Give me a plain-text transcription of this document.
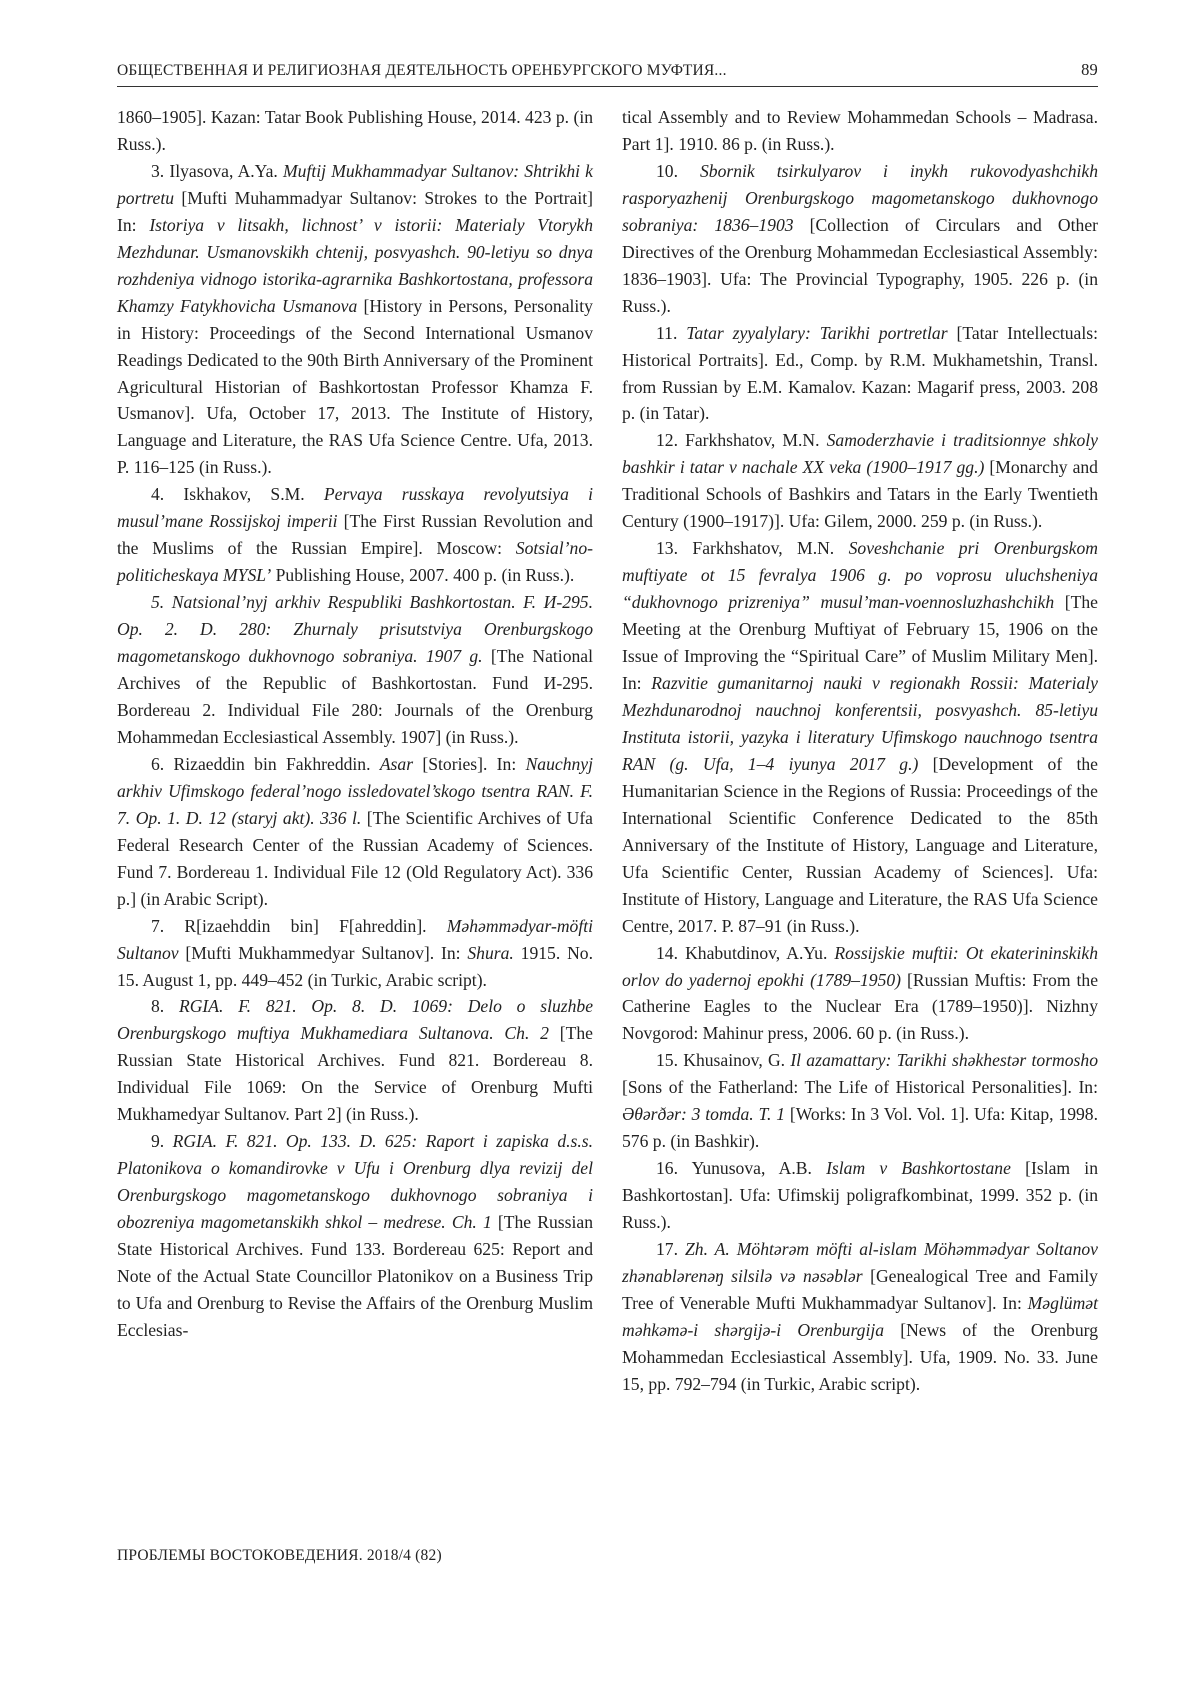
ОБЩЕСТВЕННАЯ И РЕЛИГИОЗНАЯ ДЕЯТЕЛЬНОСТЬ ОРЕНБУРГСКОГО МУФТИЯ...	89

1860–1905]. Kazan: Tatar Book Publishing House, 2014. 423 p. (in Russ.).

3. Ilyasova, A.Ya. Muftij Mukhammadyar Sultanov: Shtrikhi k portretu [Mufti Muhammadyar Sultanov: Strokes to the Portrait] In: Istoriya v litsakh, lichnost’ v istorii: Materialy Vtorykh Mezhdunar. Usmanovskikh chtenij, posvyashch. 90-letiyu so dnya rozhdeniya vidnogo istorika-agrarnika Bashkortostana, professora Khamzy Fatykhovicha Usmanova [History in Persons, Personality in History: Proceedings of the Second International Usmanov Readings Dedicated to the 90th Birth Anniversary of the Prominent Agricultural Historian of Bashkortostan Professor Khamza F. Usmanov]. Ufa, October 17, 2013. The Institute of History, Language and Literature, the RAS Ufa Science Centre. Ufa, 2013. P. 116–125 (in Russ.).

4. Iskhakov, S.M. Pervaya russkaya revolyutsiya i musul’mane Rossijskoj imperii [The First Russian Revolution and the Muslims of the Russian Empire]. Moscow: Sotsial’no-politicheskaya MYSL’ Publishing House, 2007. 400 p. (in Russ.).

5. Natsional’nyj arkhiv Respubliki Bashkortostan. F. И-295. Op. 2. D. 280: Zhurnaly prisutstviya Orenburgskogo magometanskogo dukhovnogo sobraniya. 1907 g. [The National Archives of the Republic of Bashkortostan. Fund И-295. Bordereau 2. Individual File 280: Journals of the Orenburg Mohammedan Ecclesiastical Assembly. 1907] (in Russ.).

6. Rizaeddin bin Fakhreddin. Asar [Stories]. In: Nauchnyj arkhiv Ufimskogo federal’nogo issledovatel’skogo tsentra RAN. F. 7. Op. 1. D. 12 (staryj akt). 336 l. [The Scientific Archives of Ufa Federal Research Center of the Russian Academy of Sciences. Fund 7. Bordereau 1. Individual File 12 (Old Regulatory Act). 336 p.] (in Arabic Script).

7. R[izaehddin bin] F[ahreddin]. Məhəmmədyar-möfti Sultanov [Mufti Mukhammedyar Sultanov]. In: Shura. 1915. No. 15. August 1, pp. 449–452 (in Turkic, Arabic script).

8. RGIA. F. 821. Op. 8. D. 1069: Delo o sluzhbe Orenburgskogo muftiya Mukhamediara Sultanova. Ch. 2 [The Russian State Historical Archives. Fund 821. Bordereau 8. Individual File 1069: On the Service of Orenburg Mufti Mukhamedyar Sultanov. Part 2] (in Russ.).

9. RGIA. F. 821. Op. 133. D. 625: Raport i zapiska d.s.s. Platonikova o komandirovke v Ufu i Orenburg dlya revizij del Orenburgskogo magometanskogo dukhovnogo sobraniya i obozreniya magometanskikh shkol – medrese. Ch. 1 [The Russian State Historical Archives. Fund 133. Bordereau 625: Report and Note of the Actual State Councillor Platonikov on a Business Trip to Ufa and Orenburg to Revise the Affairs of the Orenburg Muslim Ecclesias-

tical Assembly and to Review Mohammedan Schools – Madrasa. Part 1]. 1910. 86 p. (in Russ.).

10. Sbornik tsirkulyarov i inykh rukovodyashchikh rasporyazhenij Orenburgskogo magometanskogo dukhovnogo sobraniya: 1836–1903 [Collection of Circulars and Other Directives of the Orenburg Mohammedan Ecclesiastical Assembly: 1836–1903]. Ufa: The Provincial Typography, 1905. 226 p. (in Russ.).

11. Tatar zyyalylary: Tarikhi portretlar [Tatar Intellectuals: Historical Portraits]. Ed., Comp. by R.M. Mukhametshin, Transl. from Russian by E.M. Kamalov. Kazan: Magarif press, 2003. 208 p. (in Tatar).

12. Farkhshatov, M.N. Samoderzhavie i traditsionnye shkoly bashkir i tatar v nachale XX veka (1900–1917 gg.) [Monarchy and Traditional Schools of Bashkirs and Tatars in the Early Twentieth Century (1900–1917)]. Ufa: Gilem, 2000. 259 p. (in Russ.).

13. Farkhshatov, M.N. Soveshchanie pri Orenburgskom muftiyate ot 15 fevralya 1906 g. po voprosu uluchsheniya “dukhovnogo prizreniya” musul’man-voennosluzhashchikh [The Meeting at the Orenburg Muftiyat of February 15, 1906 on the Issue of Improving the “Spiritual Care” of Muslim Military Men]. In: Razvitie gumanitarnoj nauki v regionakh Rossii: Materialy Mezhdunarodnoj nauchnoj konferentsii, posvyashch. 85-letiyu Instituta istorii, yazyka i literatury Ufimskogo nauchnogo tsentra RAN (g. Ufa, 1–4 iyunya 2017 g.) [Development of the Humanitarian Science in the Regions of Russia: Proceedings of the International Scientific Conference Dedicated to the 85th Anniversary of the Institute of History, Language and Literature, Ufa Scientific Center, Russian Academy of Sciences]. Ufa: Institute of History, Language and Literature, the RAS Ufa Science Centre, 2017. P. 87–91 (in Russ.).

14. Khabutdinov, A.Yu. Rossijskie muftii: Ot ekaterininskikh orlov do yadernoj epokhi (1789–1950) [Russian Muftis: From the Catherine Eagles to the Nuclear Era (1789–1950)]. Nizhny Novgorod: Mahinur press, 2006. 60 p. (in Russ.).

15. Khusainov, G. Il azamattary: Tarikhi shəkhestər tormosho [Sons of the Fatherland: The Life of Historical Personalities]. In: Əθərðər: 3 tomda. T. 1 [Works: In 3 Vol. Vol. 1]. Ufa: Kitap, 1998. 576 p. (in Bashkir).

16. Yunusova, A.B. Islam v Bashkortostane [Islam in Bashkortostan]. Ufa: Ufimskij poligrafkombinat, 1999. 352 p. (in Russ.).

17. Zh. A. Möhtərəm möfti al-islam Möhəmmədyar Soltanov zhənablərenəŋ silsilə və nəsəblər [Genealogical Tree and Family Tree of Venerable Mufti Mukhammadyar Sultanov]. In: Məglümət məhkəmə-i shərgijə-i Orenburgija [News of the Orenburg Mohammedan Ecclesiastical Assembly]. Ufa, 1909. No. 33. June 15, pp. 792–794 (in Turkic, Arabic script).

ПРОБЛЕМЫ ВОСТОКОВЕДЕНИЯ. 2018/4 (82)
